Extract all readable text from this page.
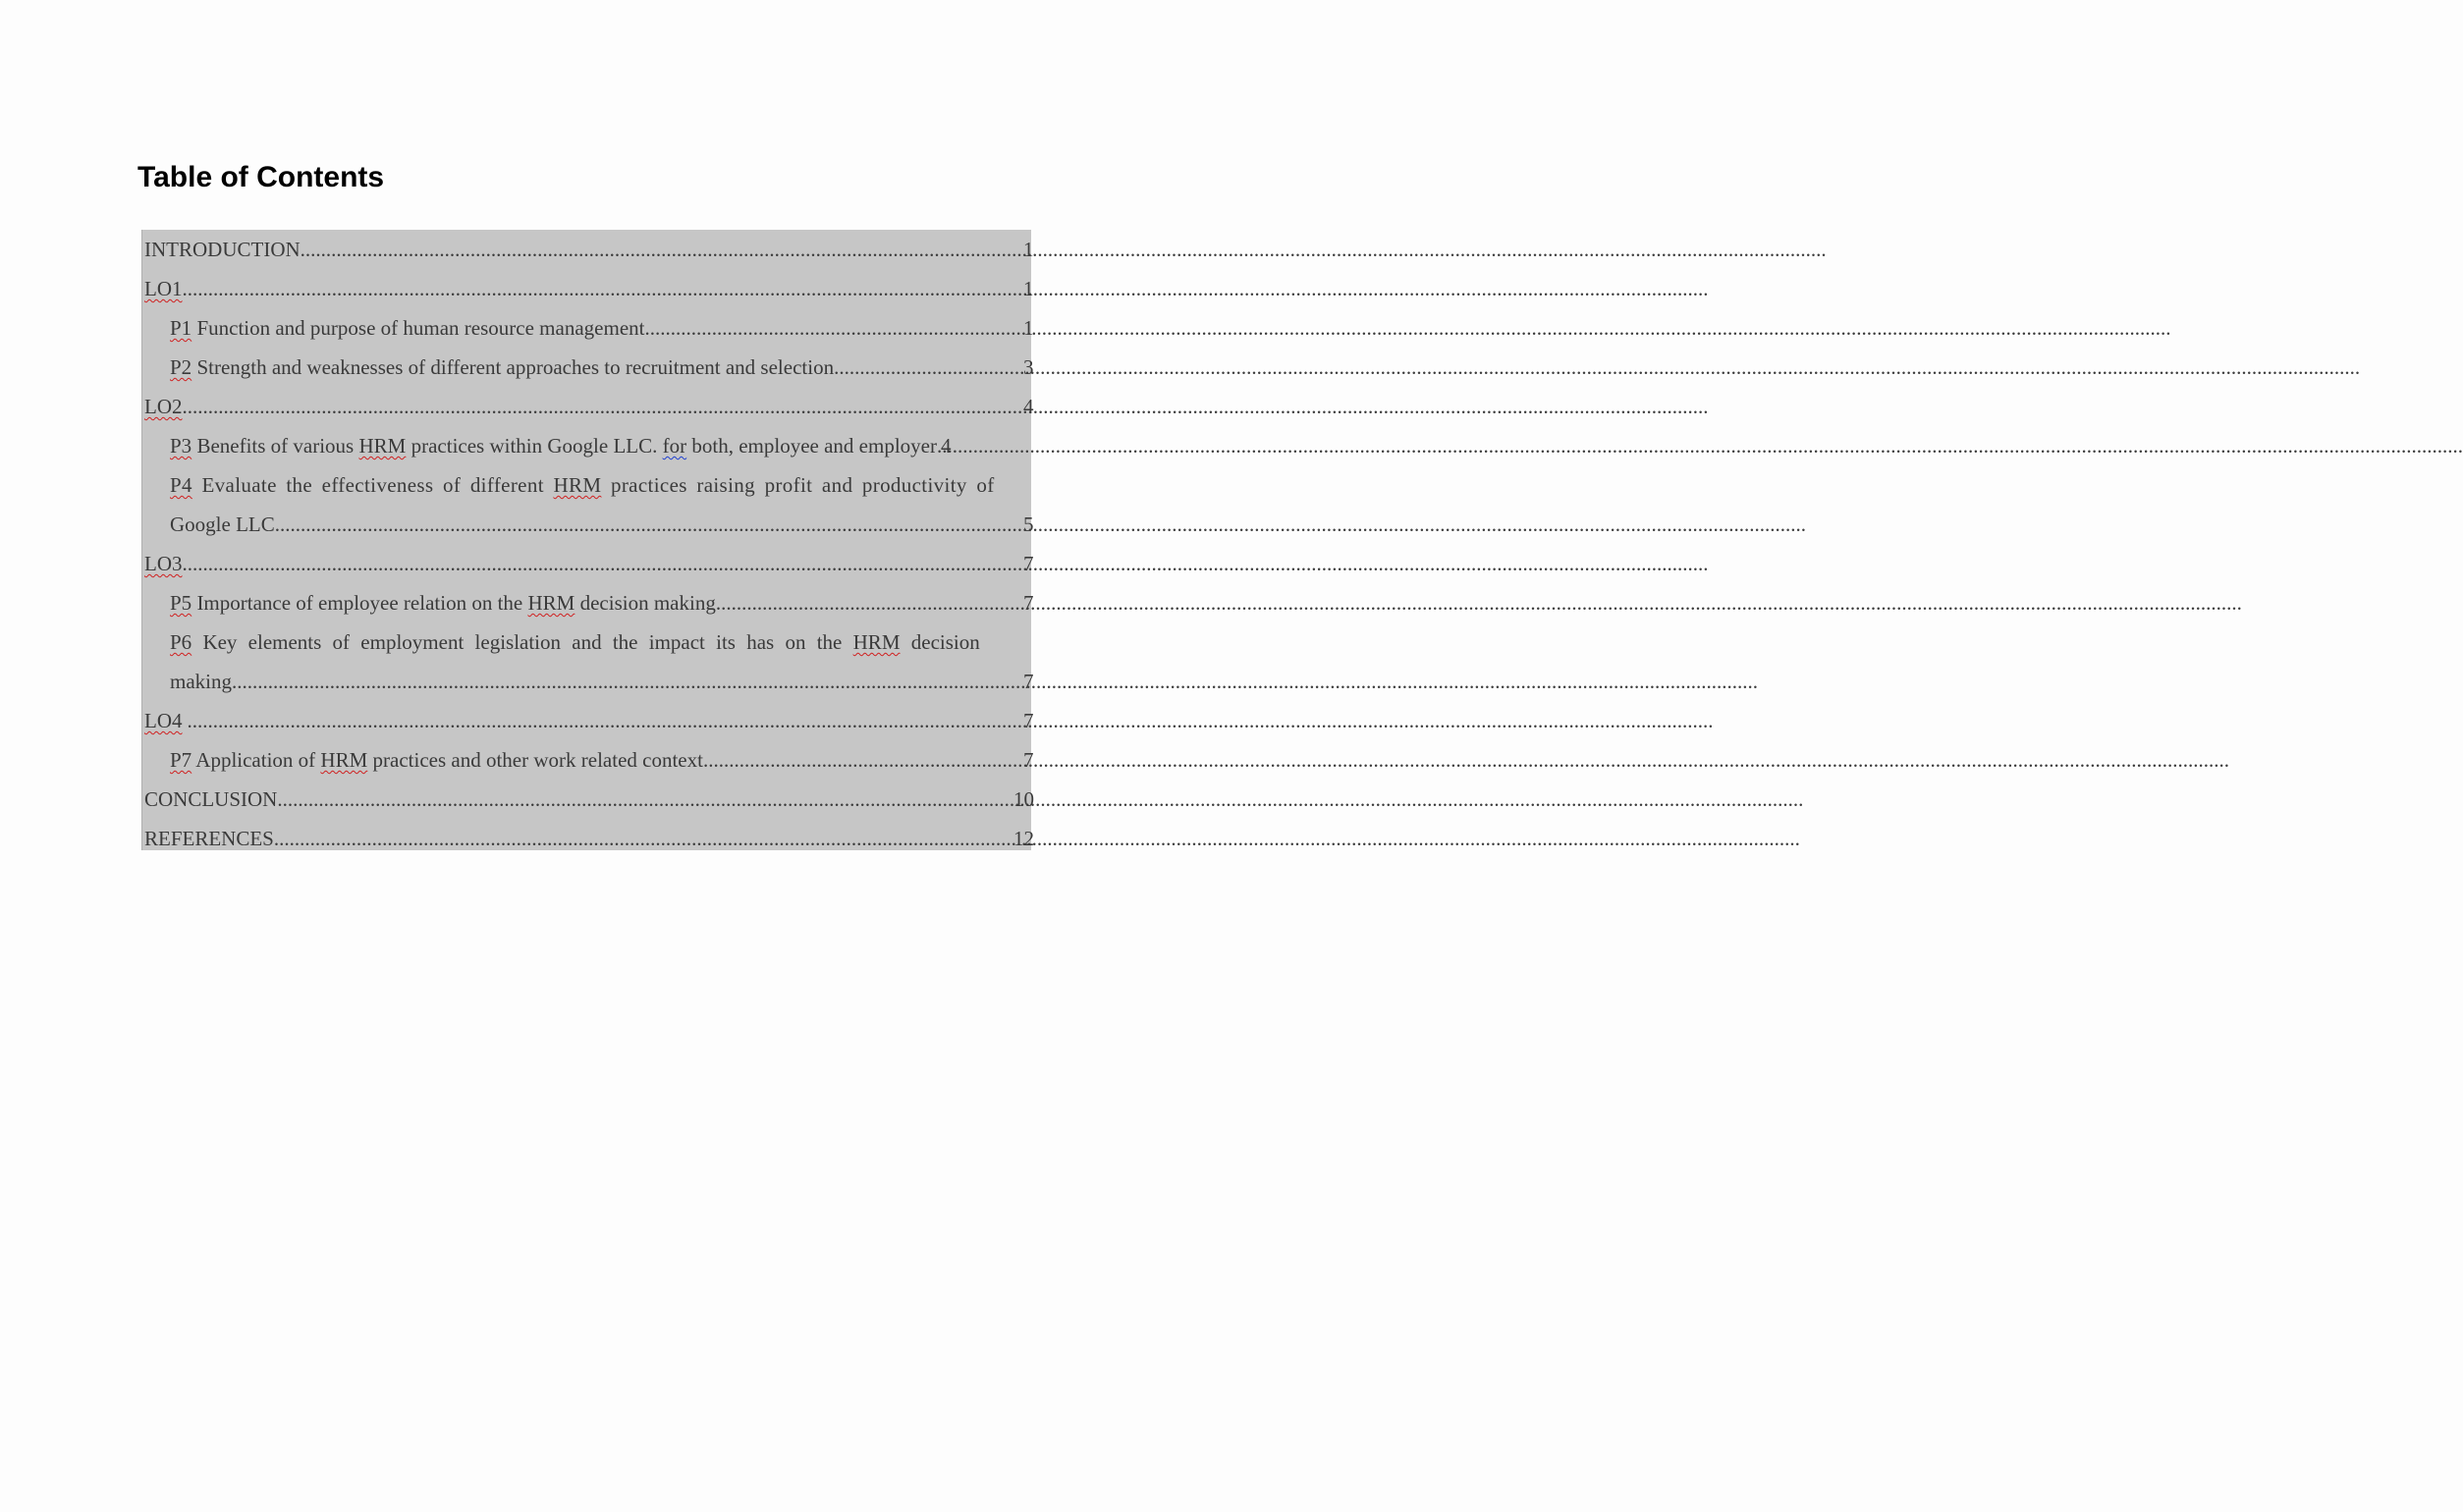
Table of Contents
INTRODUCTION .....	1
LO1 .....	1
P1 Function and purpose of human resource management .....	1
P2 Strength and weaknesses of different approaches to recruitment and selection .....	3
LO2 .....	4
P3 Benefits of various HRM practices within Google LLC. for both, employee and employer ..... 4
P4 Evaluate the effectiveness of different HRM practices raising profit and productivity of
Google LLC. .....	5
LO3 .....	7
P5 Importance of employee relation on the HRM decision making .....	7
P6 Key elements of employment legislation and the impact its has on the HRM decision
making .....	7
LO4 .....	7
P7 Application of HRM practices and other work related context .....	7
CONCLUSION .....	10
REFERENCES .....	12
